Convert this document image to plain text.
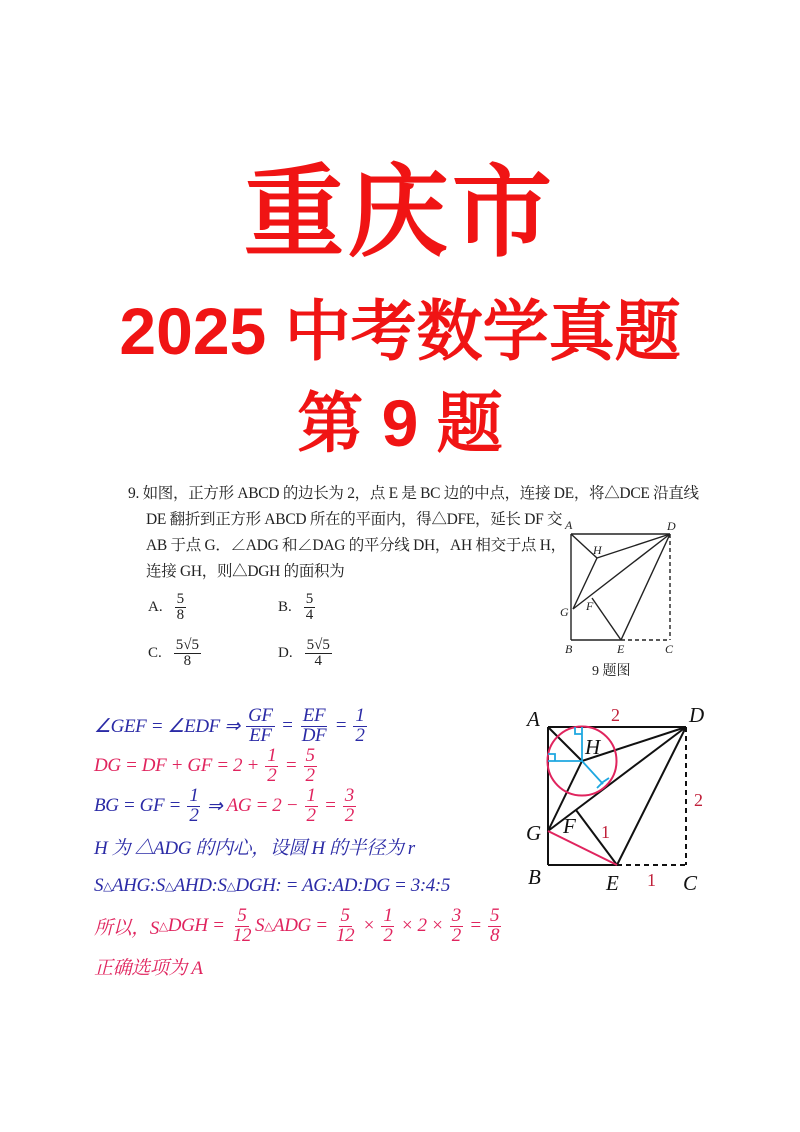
重庆市
2025 中考数学真题
第 9 题
9. 如图，正方形 ABCD 的边长为 2，点 E 是 BC 边的中点，连接 DE，将△DCE 沿直线
DE 翻折到正方形 ABCD 所在的平面内，得△DFE，延长 DF 交
AB 于点 G．∠ADG 和∠DAG 的平分线 DH，AH 相交于点 H，
连接 GH，则△DGH 的面积为
A. $\frac{5}{8}$	B. $\frac{5}{4}$
C. $\frac{5√5}{8}$	D. $\frac{5√5}{4}$
9 题图
A	D
H
G F
B	E	C
A	D
H
G F
B	E	C
2
2
1
1
∠GEF = ∠EDF ⇒ $\frac{GF}{EF} = \frac{EF}{DF} = \frac{1}{2}$
DG = DF + GF = $2 + \frac{1}{2} = \frac{5}{2}$
BG = GF = $\frac{1}{2}$ ⇒ AG = $2 - \frac{1}{2} = \frac{3}{2}$
H 为 △ADG 的内心，设圆 H 的半径为 r
S △ AHG:S △ AHD:S △ DGH: = AG:AD:DG = 3:4:5
所以，S △ DGH = $\frac{5}{12}$ S △ ADG = $\frac{5}{12} \times \frac{1}{2} \times 2 \times \frac{3}{2} = \frac{5}{8}$
正确选项为 A
